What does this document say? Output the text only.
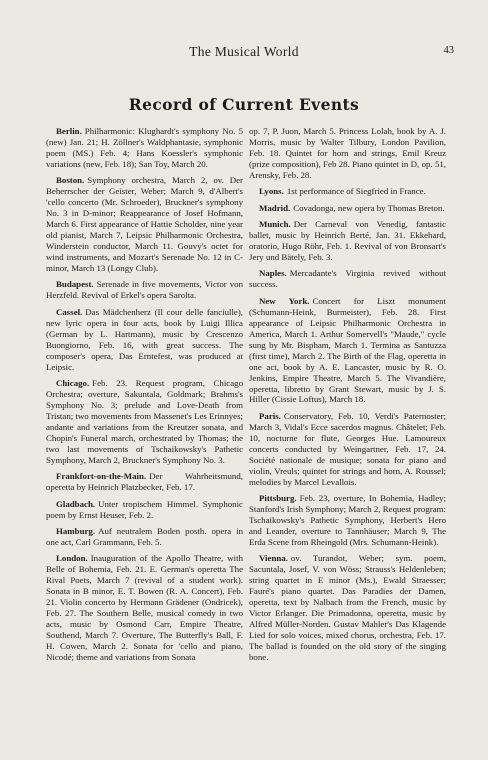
The Musical World	43
Record of Current Events

Berlin. Philharmonic: Klughardt's symphony No. 5 (new) Jan. 21; H. Zöllner's Waldphantasie, symphonic poem (MS.) Feb. 4; Hans Koessler's symphonic variations (new, Feb. 18); San Toy, March 20.

Boston. Symphony orchestra, March 2, ov. Der Beherrscher der Geister, Weber; March 9, d'Albert's 'cello concerto (Mr. Schroeder), Bruckner's symphony No. 3 in D-minor; Reappearance of Josef Hofmann, March 6. First appearance of Hattie Scholder, nine year old pianist, March 7, Leipsic Philharmonic Orchestra, Winderstein conductor, March 11. Gouvy's octet for wind instruments, and Mozart's Serenade No. 12 in C-minor, March 13 (Longy Club).

Budapest. Serenade in five movements, Victor von Herzfeld. Revival of Erkel's opera Sarolta.

Cassel. Das Mädchenherz (Il cour delle fanciulle), new lyric opera in four acts, book by Luigi Illica (German by L. Hartmann), music by Crescenzo Buongiorno, Feb. 16, with great success. The composer's opera, Das Erntefest, was produced at Leipsic.

Chicago. Feb. 23. Request program, Chicago Orchestra; overture, Sakuntala, Goldmark; Brahms's Symphony No. 3; prelude and Love-Death from Tristan; two movements from Massenet's Les Erinnyes; andante and variations from the Kreutzer sonata, and Chopin's Funeral march, orchestrated by Thomas; the two last movements of Tschaikowsky's Pathetic Symphony, March 2, Bruckner's Symphony No. 3.

Frankfort-on-the-Main. Der Wahrheitsmund, operetta by Heinrich Platzbecker, Feb. 17.

Gladbach. Unter tropischem Himmel. Symphonic poem by Ernst Heuser, Feb. 2.

Hamburg. Auf neutralem Boden posth. opera in one act, Carl Grammann, Feb. 5.

London. Inauguration of the Apollo Theatre, with Belle of Bohemia, Feb. 21. E. German's operetta The Rival Poets, March 7 (revival of a student work). Sonata in B minor, E. T. Bowen (R. A. Concert), Feb. 21. Violin concerto by Hermann Grädener (Ondricek), Feb. 27. The Southern Belle, musical comedy in two acts, music by Osmond Carr, Empire Theatre, Southend, March 7. Overture, The Butterfly's Ball, F. H. Cowen, March 2. Sonata for 'cello and piano, Nicodé; theme and variations from Sonata

op. 7, P. Juon, March 5. Princess Lolah, book by A. J. Morris, music by Walter Tilbury, London Pavilion, Feb. 18. Quintet for horn and strings, Emil Kreuz (prize composition), Feb 28. Piano quintet in D, op. 51, Arensky, Feb. 28.

Lyons. 1st performance of Siegfried in France.

Madrid. Covadonga, new opera by Thomas Breton.

Munich. Der Carneval von Venedig, fantastic ballet, music by Heinrich Berté, Jan. 31. Ekkehard, oratorio, Hugo Röhr, Feb. 1. Revival of von Bronsart's Jery und Bätely, Feb. 3.

Naples. Mercadante's Virginia revived without success.

New York. Concert for Liszt monument (Schumann-Heink, Burmeister), Feb. 28. First appearance of Leipsic Philharmonic Orchestra in America, March 1. Arthur Somervell's "Maude," cycle sung by Mr. Bispham, March 1. Termina as Santuzza (first time), March 2. The Birth of the Flag, operetta in one act, book by A. E. Lancaster, music by R. O. Jenkins, Empire Theatre, March 5. The Vivandière, operetta, libretto by Grant Stewart, music by J. S. Hiller (Cissie Loftus), March 18.

Paris. Conservatory, Feb. 10, Verdi's Paternoster; March 3, Vidal's Ecce sacerdos magnus. Châtelet; Feb. 10, nocturne for flute, Georges Hue. Lamoureux concerts conducted by Weingartner, Feb. 17, 24. Société nationale de musique; sonata for piano and violin, Vreuls; quintet for strings and horn, A. Roussel; melodies by Marcel Levallois.

Pittsburg. Feb. 23, overture, In Bohemia, Hadley; Stanford's Irish Symphony; March 2, Request program: Tschaikowsky's Pathetic Symphony, Herbert's Hero and Leander, overture to Tannhäuser; March 9, The Erda Scene from Rheingold (Mrs. Schumann-Heink).

Vienna. ov. Turandot, Weber; sym. poem, Sacuntala, Josef, V. von Wöss; Strauss's Heldenleben; string quartet in E minor (Ms.), Ewald Straesser; Fauré's piano quartet. Das Paradies der Damen, operetta, text by Nalbach from the French, music by Victor Erlanger. Die Primadonna, operetta, music by Alfred Müller-Norden. Gustav Mahler's Das Klagende Lied for solo voices, mixed chorus, orchestra, Feb. 17. The ballad is founded on the old story of the singing bone.
